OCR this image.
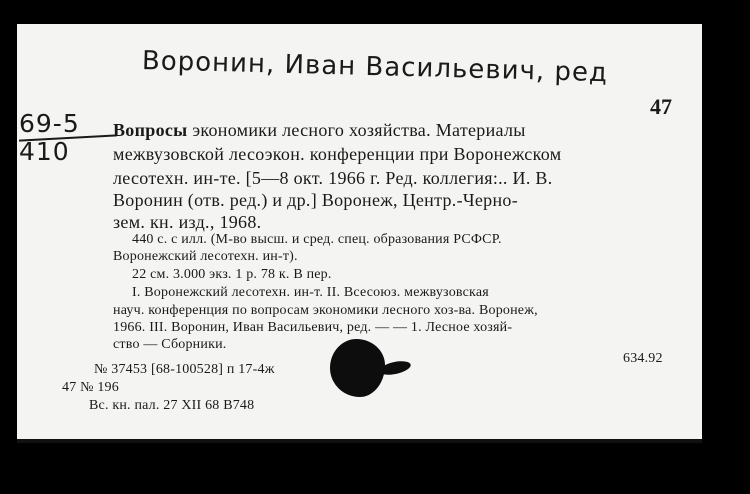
Воронин, Иван Васильевич, ред
69-5
410
47
Вопросы экономики лесного хозяйства. Материалы
межвузовской лесоэкон. конференции при Воронежском
лесотехн. ин-те. [5—8 окт. 1966 г. Ред. коллегия:.. И. В.
Воронин (отв. ред.) и др.] Воронеж, Центр.-Черно-
зем. кн. изд., 1968.
440 с. с илл. (М-во высш. и сред. спец. образования РСФСР.
Воронежский лесотехн. ин-т).
22 см. 3.000 экз. 1 р. 78 к. В пер.
I. Воронежский лесотехн. ин-т. II. Всесоюз. межвузовская
науч. конференция по вопросам экономики лесного хоз-ва. Воронеж,
1966. III. Воронин, Иван Васильевич, ред. — — 1. Лесное хозяй-
ство — Сборники.
№ 37453 [68-100528] п 17-4ж
634.92
47 № 196
Вс. кн. пал. 27 XII 68 В748
